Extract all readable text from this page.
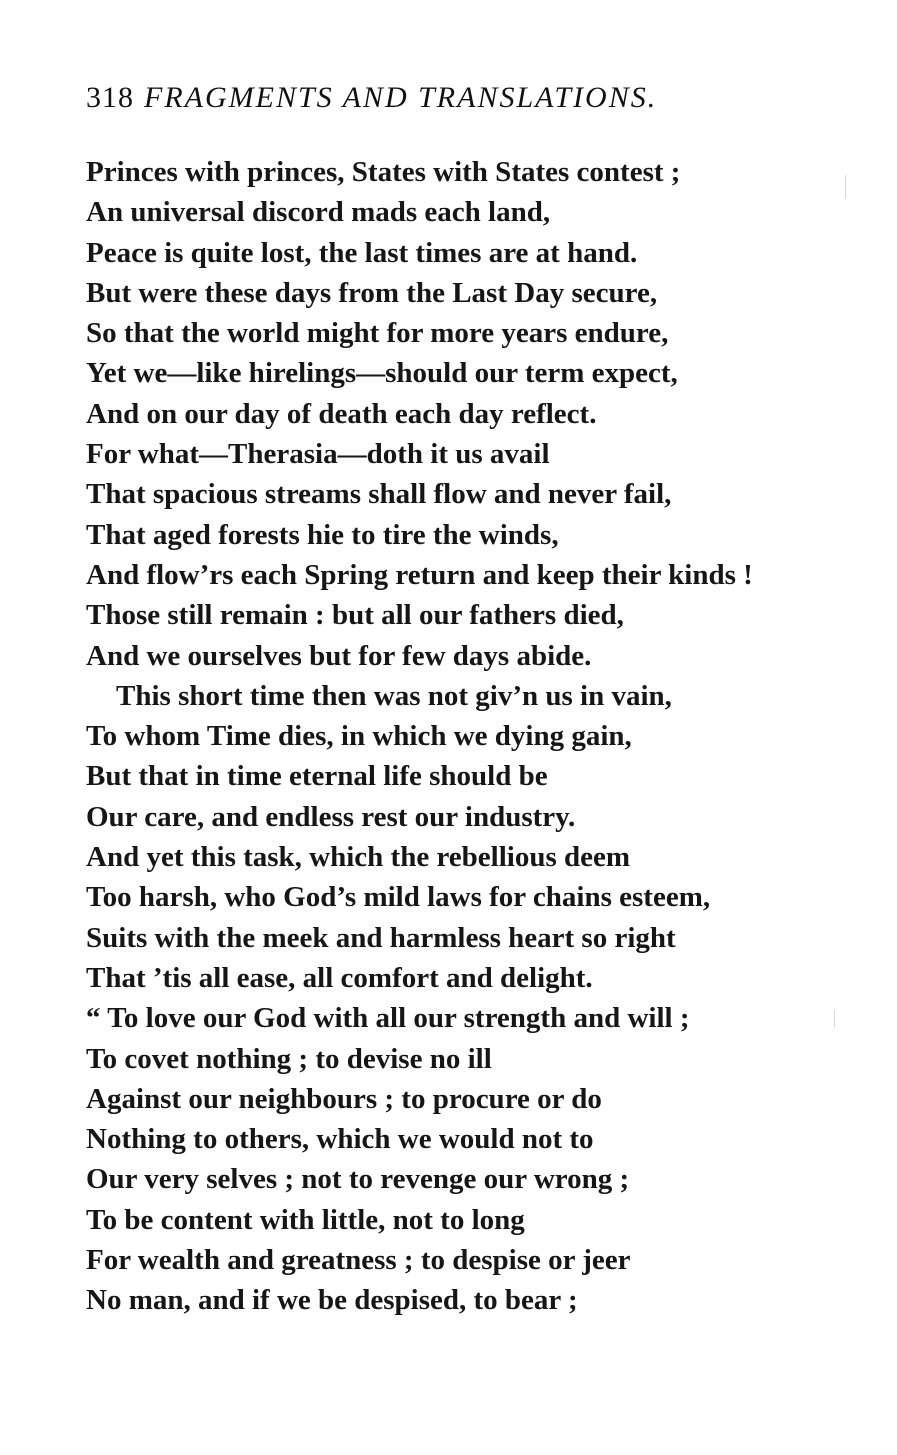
318 FRAGMENTS AND TRANSLATIONS.
Princes with princes, States with States contest ;
An universal discord mads each land,
Peace is quite lost, the last times are at hand.
But were these days from the Last Day secure,
So that the world might for more years endure,
Yet we—like hirelings—should our term expect,
And on our day of death each day reflect.
For what—Therasia—doth it us avail
That spacious streams shall flow and never fail,
That aged forests hie to tire the winds,
And flow’rs each Spring return and keep their kinds !
Those still remain : but all our fathers died,
And we ourselves but for few days abide.
This short time then was not giv’n us in vain,
To whom Time dies, in which we dying gain,
But that in time eternal life should be
Our care, and endless rest our industry.
And yet this task, which the rebellious deem
Too harsh, who God’s mild laws for chains esteem,
Suits with the meek and harmless heart so right
That ’tis all ease, all comfort and delight.
“ To love our God with all our strength and will ;
To covet nothing ; to devise no ill
Against our neighbours ; to procure or do
Nothing to others, which we would not to
Our very selves ; not to revenge our wrong ;
To be content with little, not to long
For wealth and greatness ; to despise or jeer
No man, and if we be despised, to bear ;
